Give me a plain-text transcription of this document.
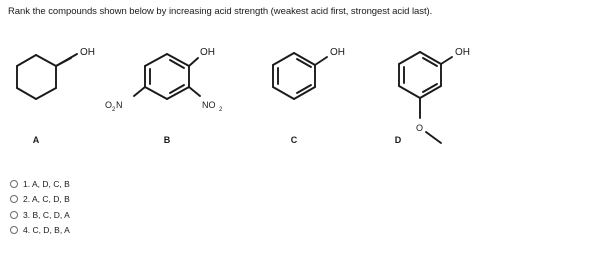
Rank the compounds shown below by increasing acid strength (weakest acid first, strongest acid last).
OH
A
OH
O 2 N	NO 2
B
OH
C
OH
O
D
1. A, D, C, B
2. A, C, D, B
3. B, C, D, A
4. C, D, B, A
